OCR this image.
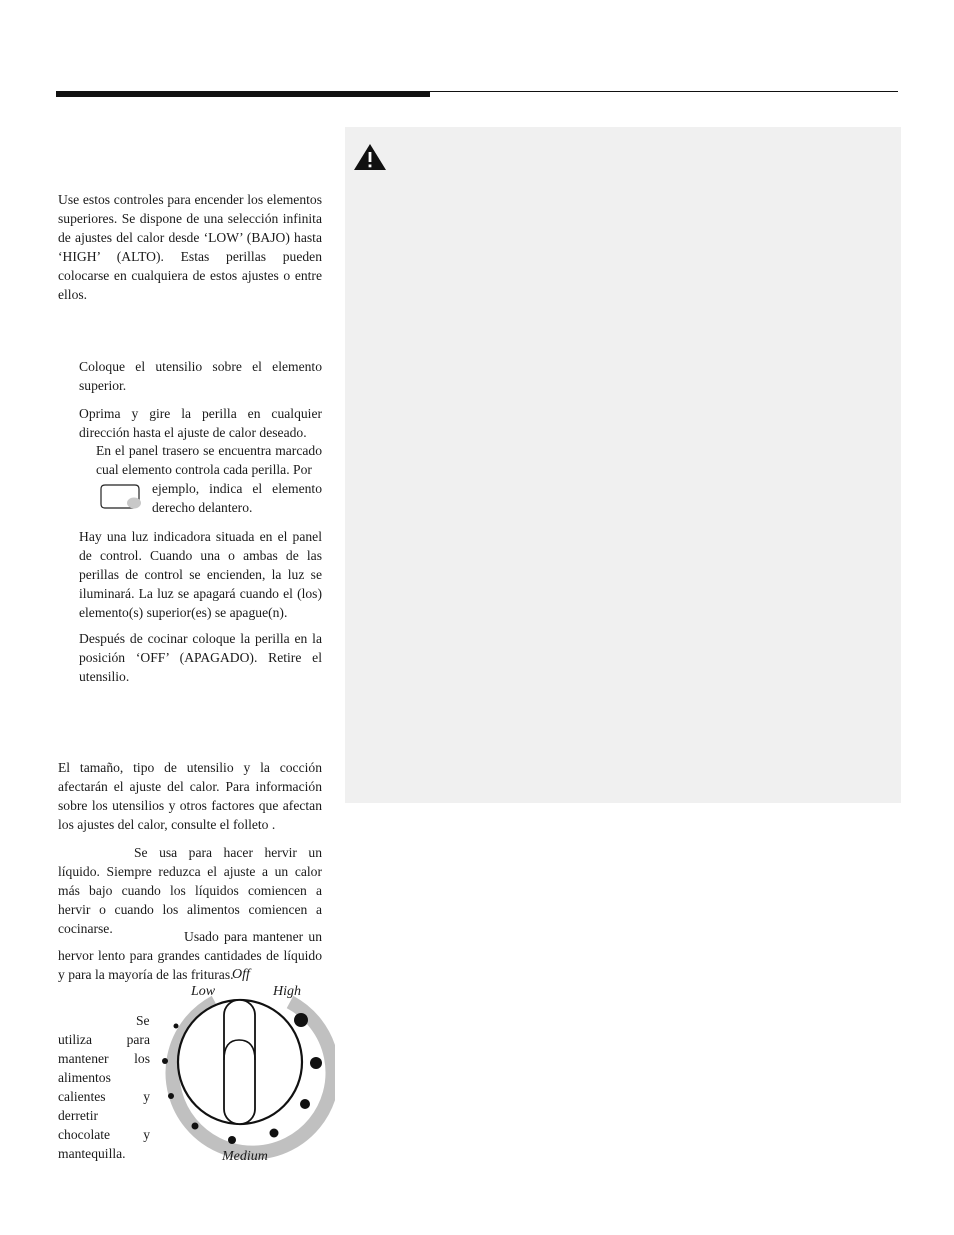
Use estos controles para encender los elementos superiores. Se dispone de una selección infinita de ajustes del calor desde ‘LOW’ (BAJO) hasta ‘HIGH’ (ALTO). Estas perillas pueden colocarse en cualquiera de estos ajustes o entre ellos.

Coloque el utensilio sobre el elemento superior.

Oprima y gire la perilla en cualquier dirección hasta el ajuste de calor deseado.

En el panel trasero se encuentra marcado cual elemento controla cada perilla. Por

ejemplo, indica el elemento derecho delantero.

Hay una luz indicadora situada en el panel de control. Cuando una o ambas de las perillas de control se encienden, la luz se iluminará. La luz se apagará cuando el (los) elemento(s) superior(es) se apague(n).

Después de cocinar coloque la perilla en la posición ‘OFF’ (APAGADO). Retire el utensilio.

El tamaño, tipo de utensilio y la cocción afectarán el ajuste del calor. Para información sobre los utensilios y otros factores que afectan los ajustes del calor, consulte el folleto .

Se usa para hacer hervir un líquido. Siempre reduzca el ajuste a un calor más bajo cuando los líquidos comiencen a hervir o cuando los alimentos comiencen a cocinarse.

Usado para mantener un hervor lento para grandes cantidades de líquido y para la mayoría de las frituras.

Se utiliza para mantener los alimentos calientes y derretir chocolate y mantequilla.

Off
Low	High
Medium
